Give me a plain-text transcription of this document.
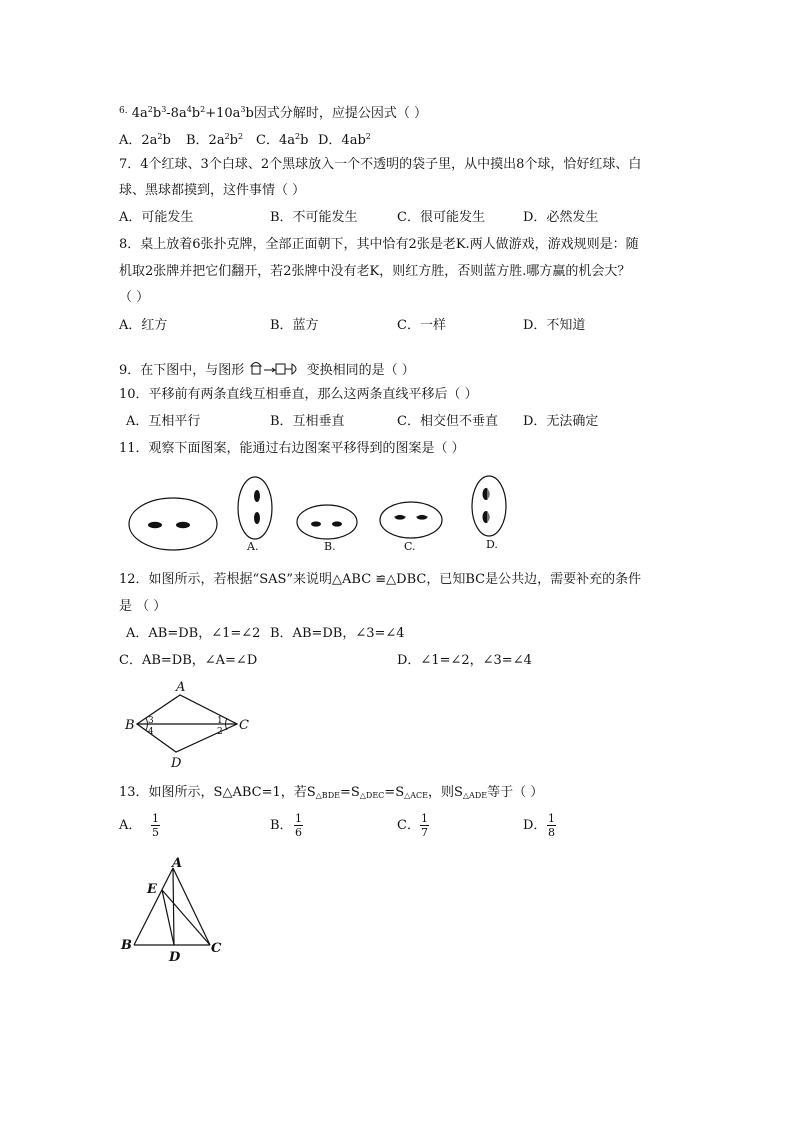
$^{6.}$ $4a^2b^3-8a^4b^2+10a^3b$因式分解时，应提公因式（ ）
A．$2a^2b$ B．$2a^2b^2$ C．$4a^2b$ D．$4ab^2$
7．4个红球、3个白球、2个黑球放入一个不透明的袋子里，从中摸出8个球，恰好红球、白
球、黑球都摸到，这件事情（ ）
A．可能发生	B．不可能发生	C．很可能发生	D．必然发生
8．桌上放着6张扑克牌，全部正面朝下，其中恰有2张是老K.两人做游戏，游戏规则是：随
机取2张牌并把它们翻开，若2张牌中没有老K，则红方胜，否则蓝方胜.哪方赢的机会大？
（ ）
A．红方	B．蓝方	C．一样	D．不知道
9．在下图中，与图形	变换相同的是（ ）
10．平移前有两条直线互相垂直，那么这两条直线平移后（ ）
A．互相平行	B．互相垂直	C．相交但不垂直 D．无法确定
11．观察下面图案，能通过右边图案平移得到的图案是（ ）
A.	B.	C.	D.
12．如图所示，若根据“SAS”来说明△ABC ≌△DBC，已知BC是公共边，需要补充的条件
是 （ ）
A．AB=DB，∠1=∠2 B．AB=DB，∠3=∠4
C．AB=DB，∠A=∠D	D．∠1=∠2，∠3=∠4
A
B	C
D
3
4
1
2
13．如图所示，S△ABC=1，若$S_{\triangle BDE}=S_{\triangle DEC}=S_{\triangle ACE}$，则$S_{\triangle ADE}$等于（ ）
A． $\frac{1}{5}$	B． $\frac{1}{6}$	C． $\frac{1}{7}$	D． $\frac{1}{8}$
A
E
B	C
D
